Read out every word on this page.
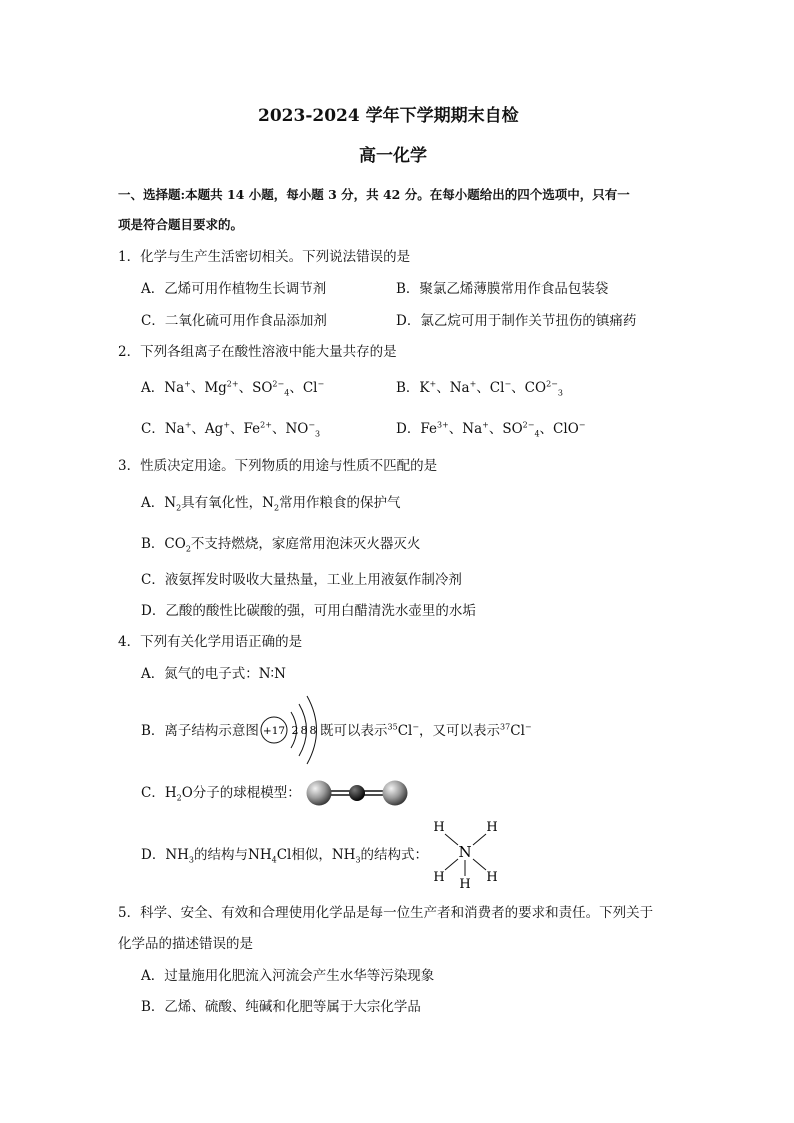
2023-2024 学年下学期期末自检
高一化学
一、选择题:本题共 14 小题，每小题 3 分，共 42 分。在每小题给出的四个选项中，只有一
项是符合题目要求的。
1．化学与生产生活密切相关。下列说法错误的是
A．乙烯可用作植物生长调节剂	B．聚氯乙烯薄膜常用作食品包装袋
C．二氧化硫可用作食品添加剂	D．氯乙烷可用于制作关节扭伤的镇痛药
2．下列各组离子在酸性溶液中能大量共存的是
A．Na+、$Mg^{2+}$、$SO^{2-}_4$、Cl−	B．K+、Na+、Cl−、$CO^{2-}_3$
C．Na+、Ag+、$Fe^{2+}$、$NO^-_3$	D．$Fe^{3+}$、Na+、$SO^{2-}_4$、ClO−
3．性质决定用途。下列物质的用途与性质不匹配的是
A．$N_2$具有氧化性，$N_2$常用作粮食的保护气
B．$CO_2$不支持燃烧，家庭常用泡沫灭火器灭火
C．液氨挥发时吸收大量热量，工业上用液氨作制冷剂
D．乙酸的酸性比碳酸的强，可用白醋清洗水壶里的水垢
4．下列有关化学用语正确的是
A．氮气的电子式：N∶N
B．离子结构示意图 +17 2 8 8 既可以表示$^{35}$Cl−，又可以表示$^{37}$Cl−
C．$H_2O$分子的球棍模型：
D．$NH_3$的结构与$NH_4Cl$相似，$NH_3$的结构式： N
H	H
H H H
5．科学、安全、有效和合理使用化学品是每一位生产者和消费者的要求和责任。下列关于
化学品的描述错误的是
A．过量施用化肥流入河流会产生水华等污染现象
B．乙烯、硫酸、纯碱和化肥等属于大宗化学品
